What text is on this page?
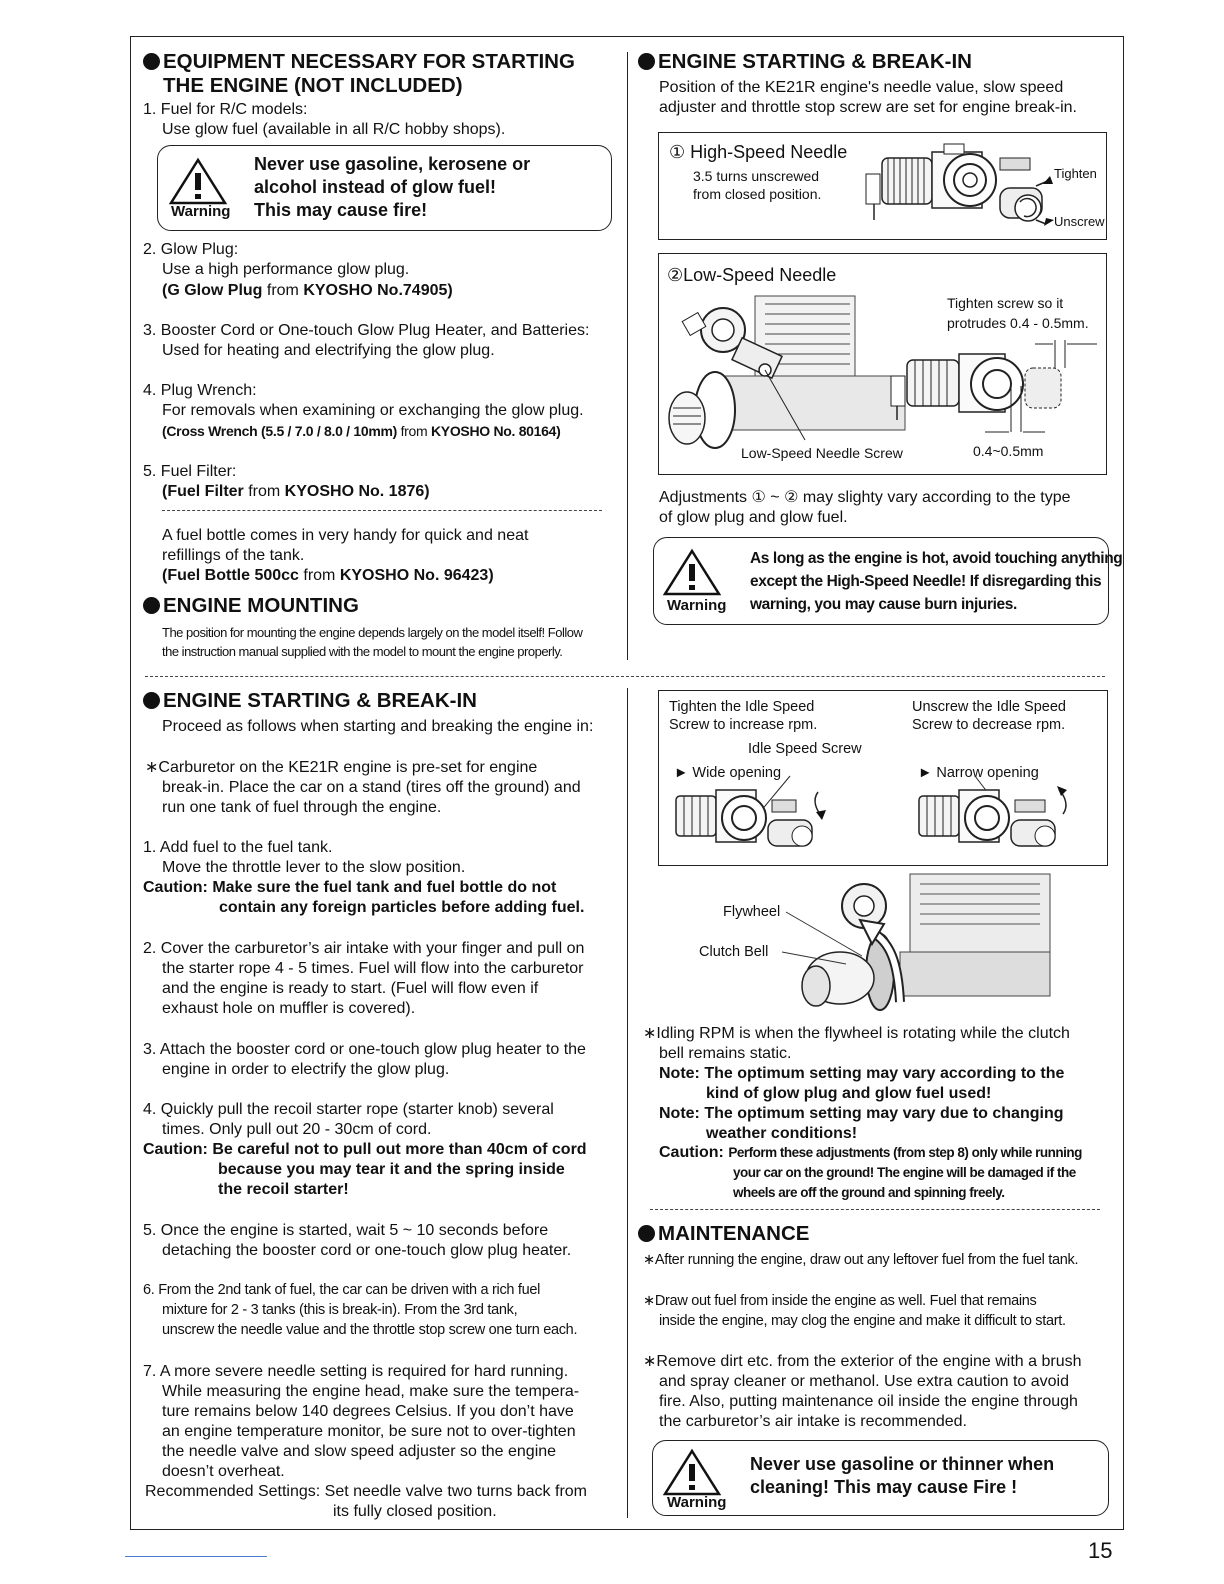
EQUIPMENT NECESSARY FOR STARTING
THE ENGINE (NOT INCLUDED)
1. Fuel for R/C models:
Use glow fuel (available in all R/C hobby shops).
Warning
Never use gasoline, kerosene or
alcohol instead of glow fuel!
This may cause fire!
2. Glow Plug:
Use a high performance glow plug.
(G Glow Plug from KYOSHO No.74905)
3. Booster Cord or One-touch Glow Plug Heater, and Batteries:
Used for heating and electrifying the glow plug.
4. Plug Wrench:
For removals when examining or exchanging the glow plug.
(Cross Wrench (5.5 / 7.0 / 8.0 / 10mm) from KYOSHO No. 80164)
5. Fuel Filter:
(Fuel Filter from KYOSHO No. 1876)
A fuel bottle comes in very handy for quick and neat
refillings of the tank.
(Fuel Bottle 500cc from KYOSHO No. 96423)
ENGINE MOUNTING
The position for mounting the engine depends largely on the model itself! Follow
the instruction manual supplied with the model to mount the engine properly.
ENGINE STARTING & BREAK-IN
Position of the KE21R engine's needle value, slow speed
adjuster and throttle stop screw are set for engine break-in.
① High-Speed Needle
3.5 turns unscrewed
from closed position.
Tighten
Unscrew
②Low-Speed Needle
Tighten screw so it
protrudes 0.4 - 0.5mm.
Low-Speed Needle Screw	0.4~0.5mm
Adjustments ① ~ ② may slighty vary according to the type
of glow plug and glow fuel.
Warning
As long as the engine is hot, avoid touching anything
except the High-Speed Needle! If disregarding this
warning, you may cause burn injuries.
ENGINE STARTING & BREAK-IN
Proceed as follows when starting and breaking the engine in:
∗Carburetor on the KE21R engine is pre-set for engine
break-in. Place the car on a stand (tires off the ground) and
run one tank of fuel through the engine.
1. Add fuel to the fuel tank.
Move the throttle lever to the slow position.
Caution: Make sure the fuel tank and fuel bottle do not
contain any foreign particles before adding fuel.
2. Cover the carburetor’s air intake with your finger and pull on
the starter rope 4 - 5 times. Fuel will flow into the carburetor
and the engine is ready to start. (Fuel will flow even if
exhaust hole on muffler is covered).
3. Attach the booster cord or one-touch glow plug heater to the
engine in order to electrify the glow plug.
4. Quickly pull the recoil starter rope (starter knob) several
times. Only pull out 20 - 30cm of cord.
Caution: Be careful not to pull out more than 40cm of cord
because you may tear it and the spring inside
the recoil starter!
5. Once the engine is started, wait 5 ~ 10 seconds before
detaching the booster cord or one-touch glow plug heater.
6. From the 2nd tank of fuel, the car can be driven with a rich fuel
mixture for 2 - 3 tanks (this is break-in). From the 3rd tank,
unscrew the needle value and the throttle stop screw one turn each.
7. A more severe needle setting is required for hard running.
While measuring the engine head, make sure the tempera-
ture remains below 140 degrees Celsius. If you don’t have
an engine temperature monitor, be sure not to over-tighten
the needle valve and slow speed adjuster so the engine
doesn’t overheat.
Recommended Settings: Set needle valve two turns back from
its fully closed position.
Tighten the Idle Speed
Screw to increase rpm.
Unscrew the Idle Speed
Screw to decrease rpm.
Idle Speed Screw
► Wide opening	► Narrow opening
Flywheel
Clutch Bell
∗Idling RPM is when the flywheel is rotating while the clutch
bell remains static.
Note: The optimum setting may vary according to the
kind of glow plug and glow fuel used!
Note: The optimum setting may vary due to changing
weather conditions!
Caution: Perform these adjustments (from step 8) only while running
your car on the ground! The engine will be damaged if the
wheels are off the ground and spinning freely.
MAINTENANCE
∗After running the engine, draw out any leftover fuel from the fuel tank.
∗Draw out fuel from inside the engine as well. Fuel that remains
inside the engine, may clog the engine and make it difficult to start.
∗Remove dirt etc. from the exterior of the engine with a brush
and spray cleaner or methanol. Use extra caution to avoid
fire. Also, putting maintenance oil inside the engine through
the carburetor’s air intake is recommended.
Warning
Never use gasoline or thinner when
cleaning! This may cause Fire !
15
